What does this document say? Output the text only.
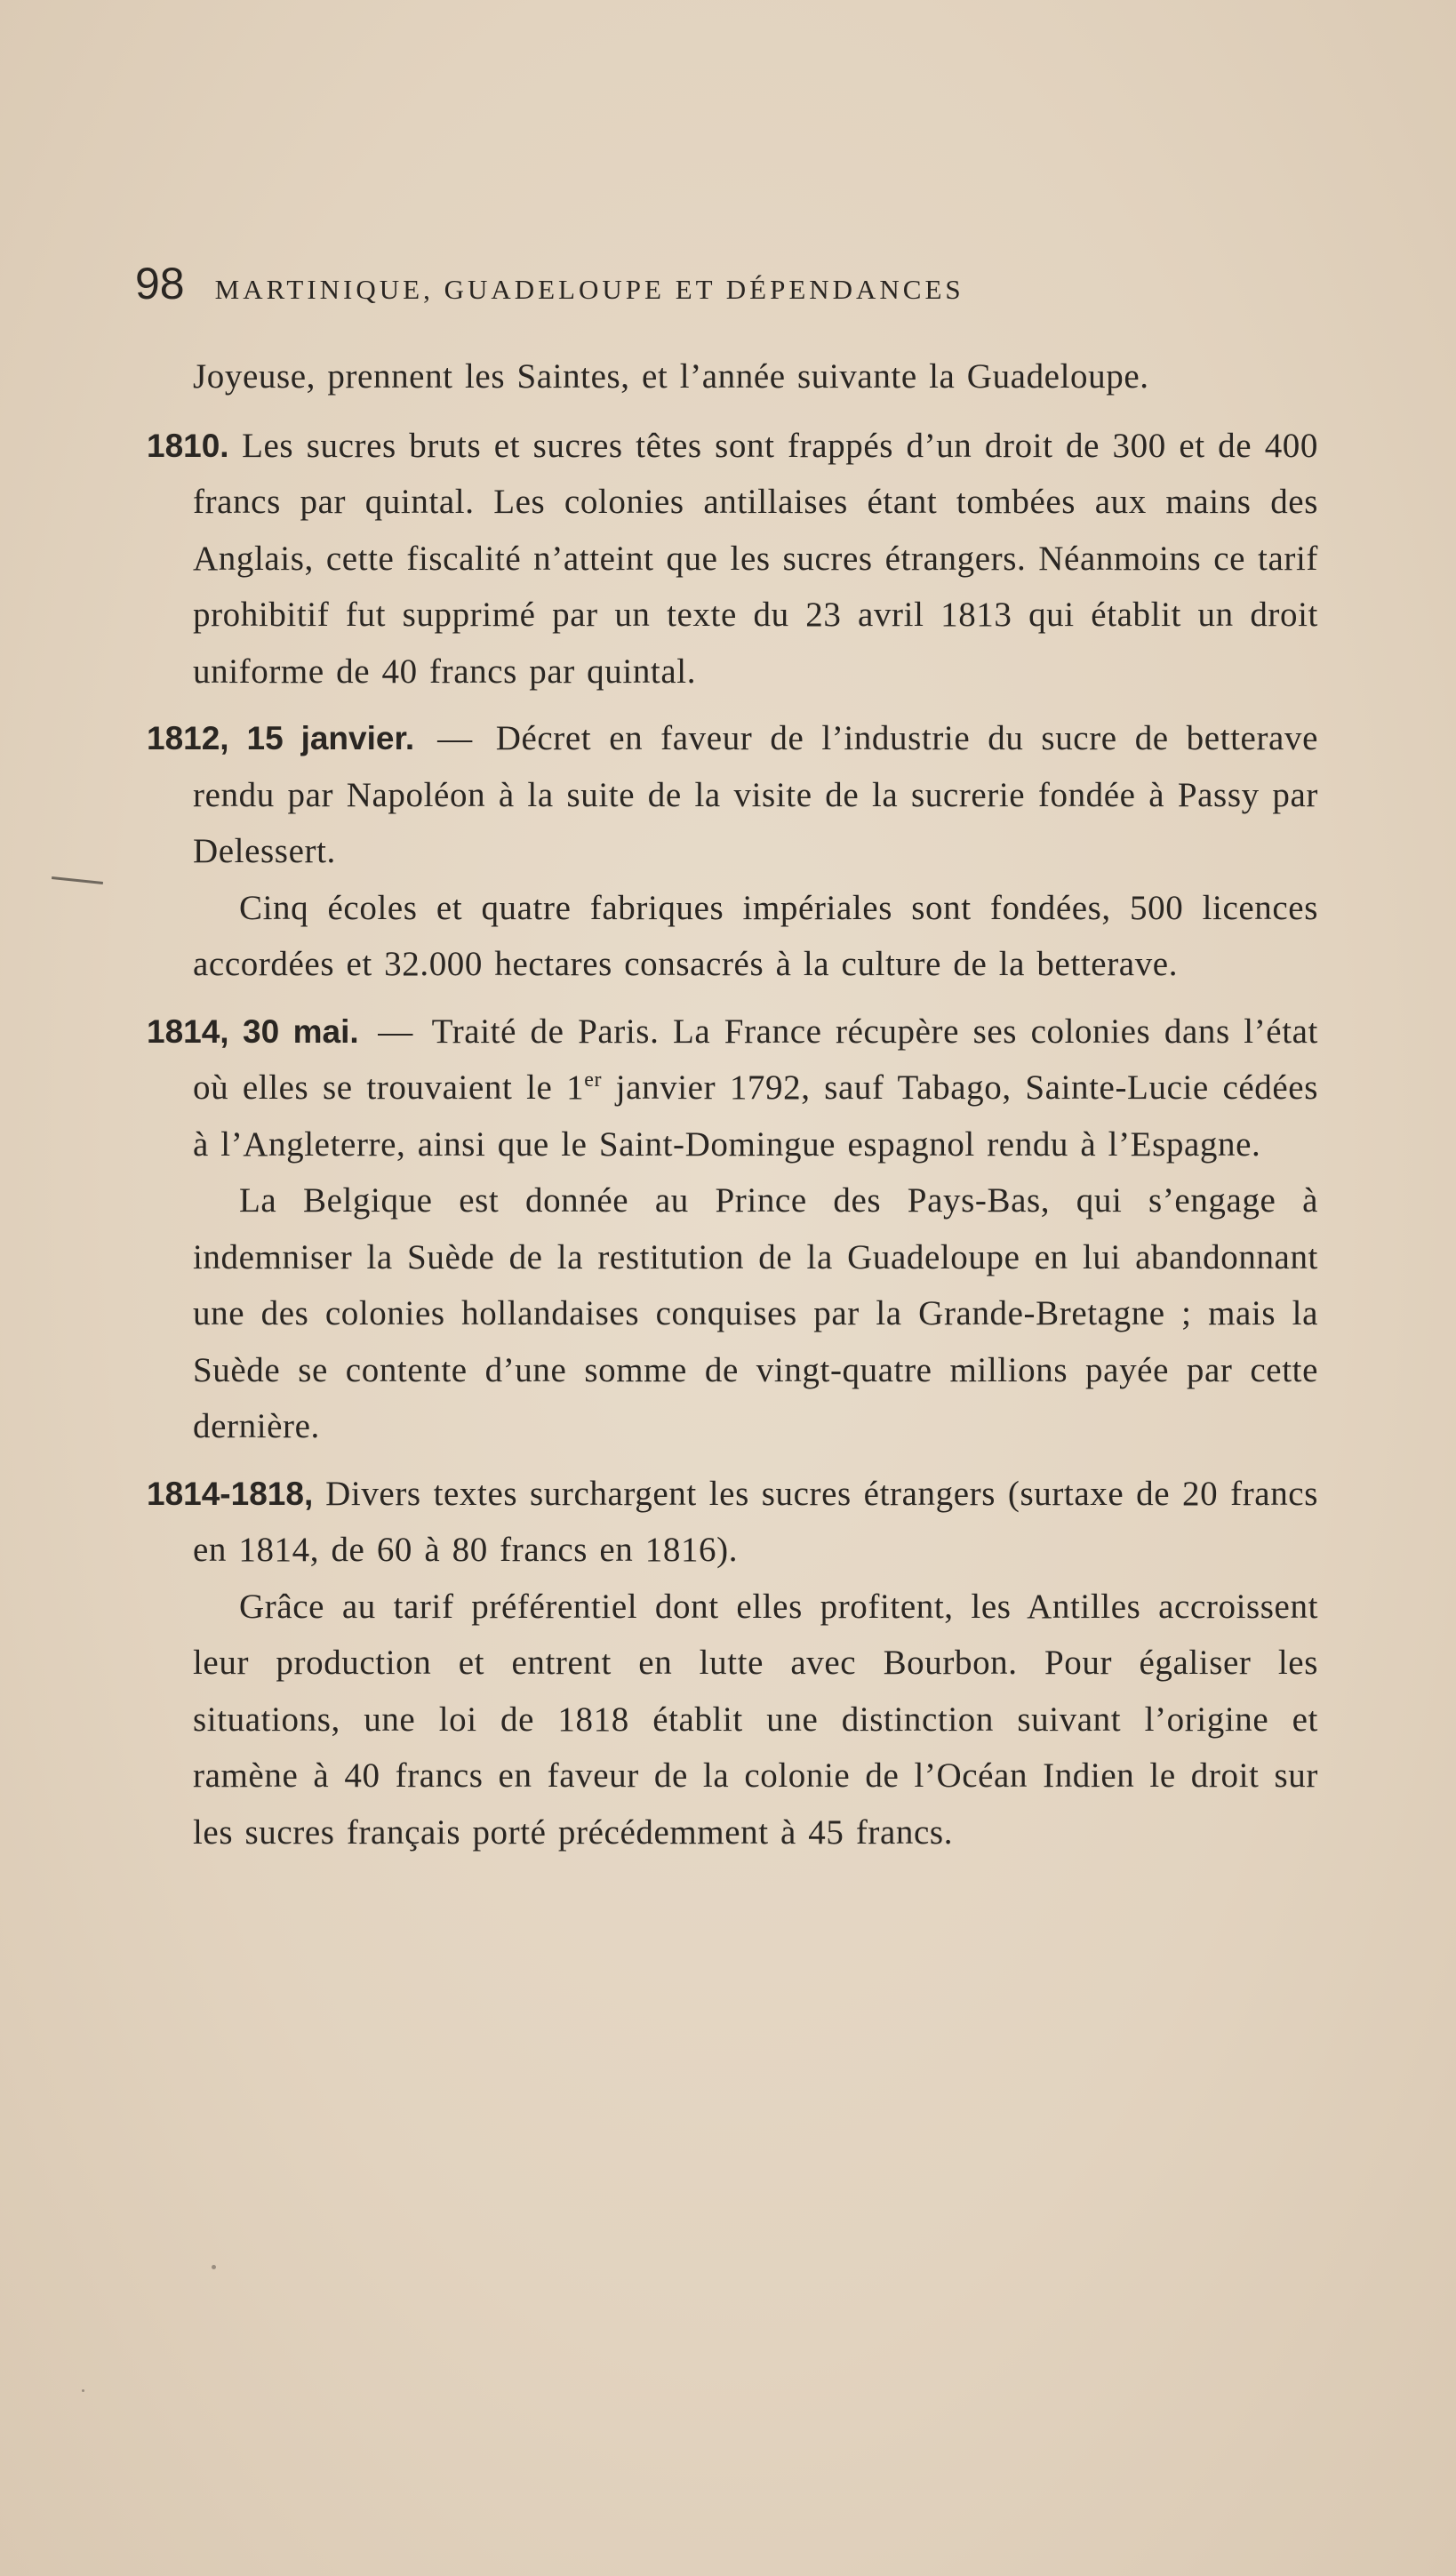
98 MARTINIQUE, GUADELOUPE ET DÉPENDANCES

Joyeuse, prennent les Saintes, et l’année suivante la Guadeloupe.

1810. Les sucres bruts et sucres têtes sont frappés d’un droit de 300 et de 400 francs par quintal. Les colonies antillaises étant tombées aux mains des Anglais, cette fiscalité n’atteint que les sucres étrangers. Néanmoins ce tarif prohibitif fut supprimé par un texte du 23 avril 1813 qui établit un droit uniforme de 40 francs par quintal.

1812, 15 janvier. — Décret en faveur de l’industrie du sucre de betterave rendu par Napoléon à la suite de la visite de la sucrerie fondée à Passy par Delessert.

Cinq écoles et quatre fabriques impériales sont fondées, 500 licences accordées et 32.000 hectares consacrés à la culture de la betterave.

1814, 30 mai. — Traité de Paris. La France récupère ses colonies dans l’état où elles se trouvaient le 1er janvier 1792, sauf Tabago, Sainte-Lucie cédées à l’Angleterre, ainsi que le Saint-Domingue espagnol rendu à l’Espagne.

La Belgique est donnée au Prince des Pays-Bas, qui s’engage à indemniser la Suède de la restitution de la Guadeloupe en lui abandonnant une des colonies hollandaises conquises par la Grande-Bretagne ; mais la Suède se contente d’une somme de vingt-quatre millions payée par cette dernière.

1814-1818, Divers textes surchargent les sucres étrangers (surtaxe de 20 francs en 1814, de 60 à 80 francs en 1816).

Grâce au tarif préférentiel dont elles profitent, les Antilles accroissent leur production et entrent en lutte avec Bourbon. Pour égaliser les situations, une loi de 1818 établit une distinction suivant l’origine et ramène à 40 francs en faveur de la colonie de l’Océan Indien le droit sur les sucres français porté précédemment à 45 francs.
